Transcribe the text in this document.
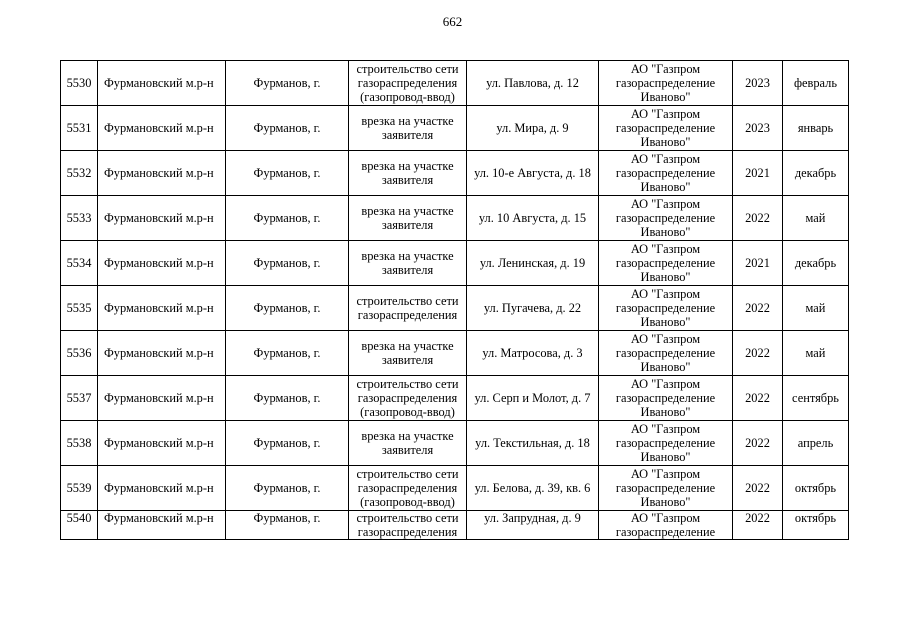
662
5530	Фурмановский м.р-н	Фурманов, г.	строительство сети газораспределения (газопровод-ввод)	ул. Павлова, д. 12	АО "Газпром газораспределение Иваново"	2023	февраль
5531	Фурмановский м.р-н	Фурманов, г.	врезка на участке заявителя	ул. Мира, д. 9	АО "Газпром газораспределение Иваново"	2023	январь
5532	Фурмановский м.р-н	Фурманов, г.	врезка на участке заявителя	ул. 10-е Августа, д. 18	АО "Газпром газораспределение Иваново"	2021	декабрь
5533	Фурмановский м.р-н	Фурманов, г.	врезка на участке заявителя	ул. 10 Августа, д. 15	АО "Газпром газораспределение Иваново"	2022	май
5534	Фурмановский м.р-н	Фурманов, г.	врезка на участке заявителя	ул. Ленинская, д. 19	АО "Газпром газораспределение Иваново"	2021	декабрь
5535	Фурмановский м.р-н	Фурманов, г.	строительство сети газораспределения	ул. Пугачева, д. 22	АО "Газпром газораспределение Иваново"	2022	май
5536	Фурмановский м.р-н	Фурманов, г.	врезка на участке заявителя	ул. Матросова, д. 3	АО "Газпром газораспределение Иваново"	2022	май
5537	Фурмановский м.р-н	Фурманов, г.	строительство сети газораспределения (газопровод-ввод)	ул. Серп и Молот, д. 7	АО "Газпром газораспределение Иваново"	2022	сентябрь
5538	Фурмановский м.р-н	Фурманов, г.	врезка на участке заявителя	ул. Текстильная, д. 18	АО "Газпром газораспределение Иваново"	2022	апрель
5539	Фурмановский м.р-н	Фурманов, г.	строительство сети газораспределения (газопровод-ввод)	ул. Белова, д. 39, кв. 6	АО "Газпром газораспределение Иваново"	2022	октябрь

5540	Фурмановский м.р-н	Фурманов, г.	строительство сети газораспределения	ул. Запрудная, д. 9	АО "Газпром газораспределение	2022	октябрь
